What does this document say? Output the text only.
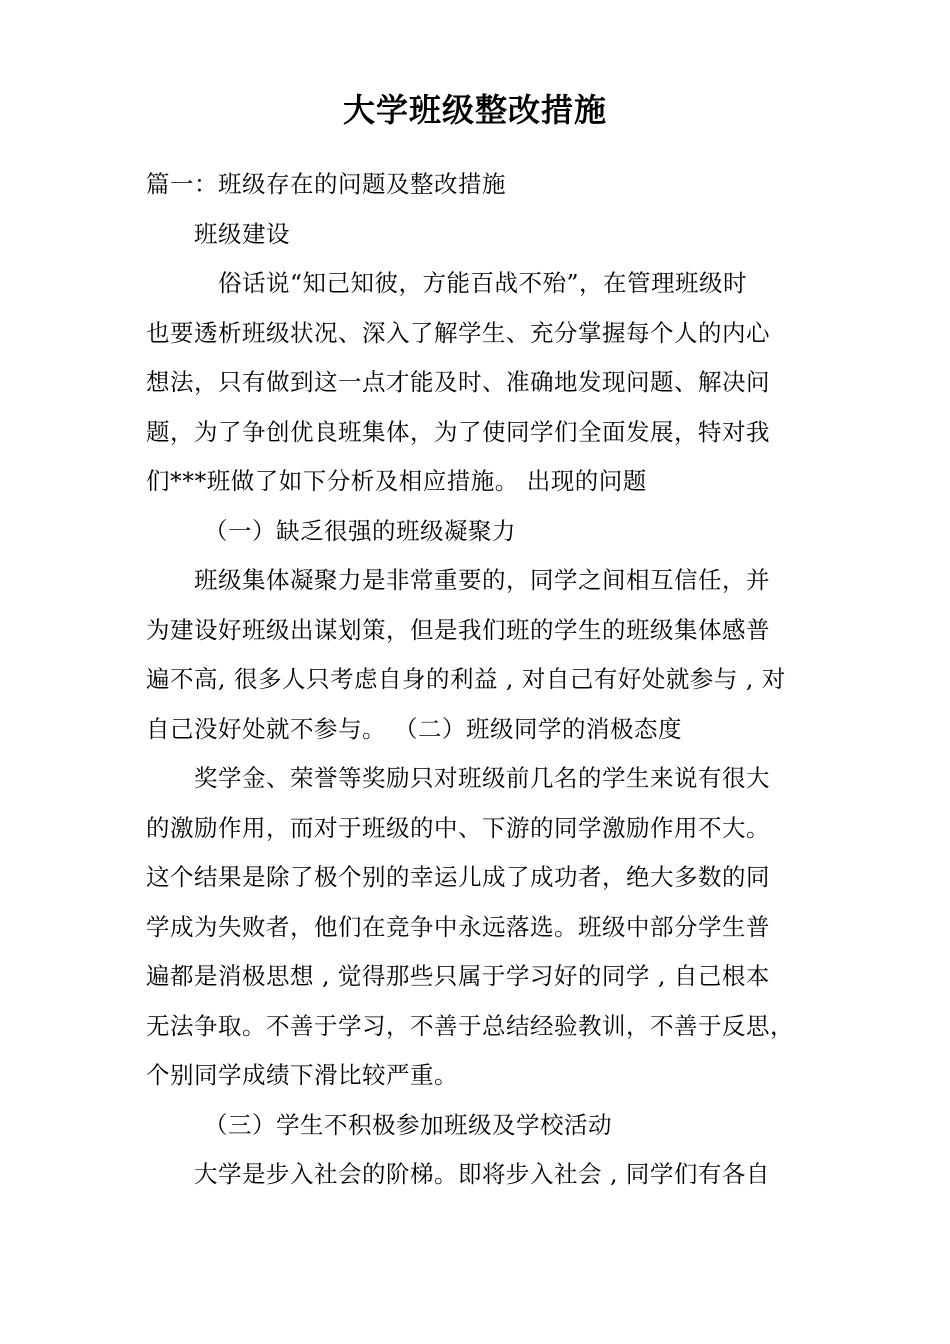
大学班级整改措施
篇一：班级存在的问题及整改措施
班级建设
俗话说“知己知彼，方能百战不殆”，在管理班级时
也要透析班级状况、深入了解学生、充分掌握每个人的内心
想法，只有做到这一点才能及时、准确地发现问题、解决问
题，为了争创优良班集体，为了使同学们全面发展，特对我
们***班做了如下分析及相应措施。 出现的问题
（一）缺乏很强的班级凝聚力
班级集体凝聚力是非常重要的，同学之间相互信任，并
为建设好班级出谋划策，但是我们班的学生的班级集体感普
遍不高, 很多人只考虑自身的利益 , 对自己有好处就参与 , 对
自己没好处就不参与。 （二）班级同学的消极态度
奖学金、荣誉等奖励只对班级前几名的学生来说有很大
的激励作用，而对于班级的中、下游的同学激励作用不大。
这个结果是除了极个别的幸运儿成了成功者，绝大多数的同
学成为失败者，他们在竞争中永远落选。班级中部分学生普
遍都是消极思想 , 觉得那些只属于学习好的同学 , 自己根本
无法争取。不善于学习，不善于总结经验教训，不善于反思，
个别同学成绩下滑比较严重。
（三）学生不积极参加班级及学校活动
大学是步入社会的阶梯。即将步入社会 , 同学们有各自
